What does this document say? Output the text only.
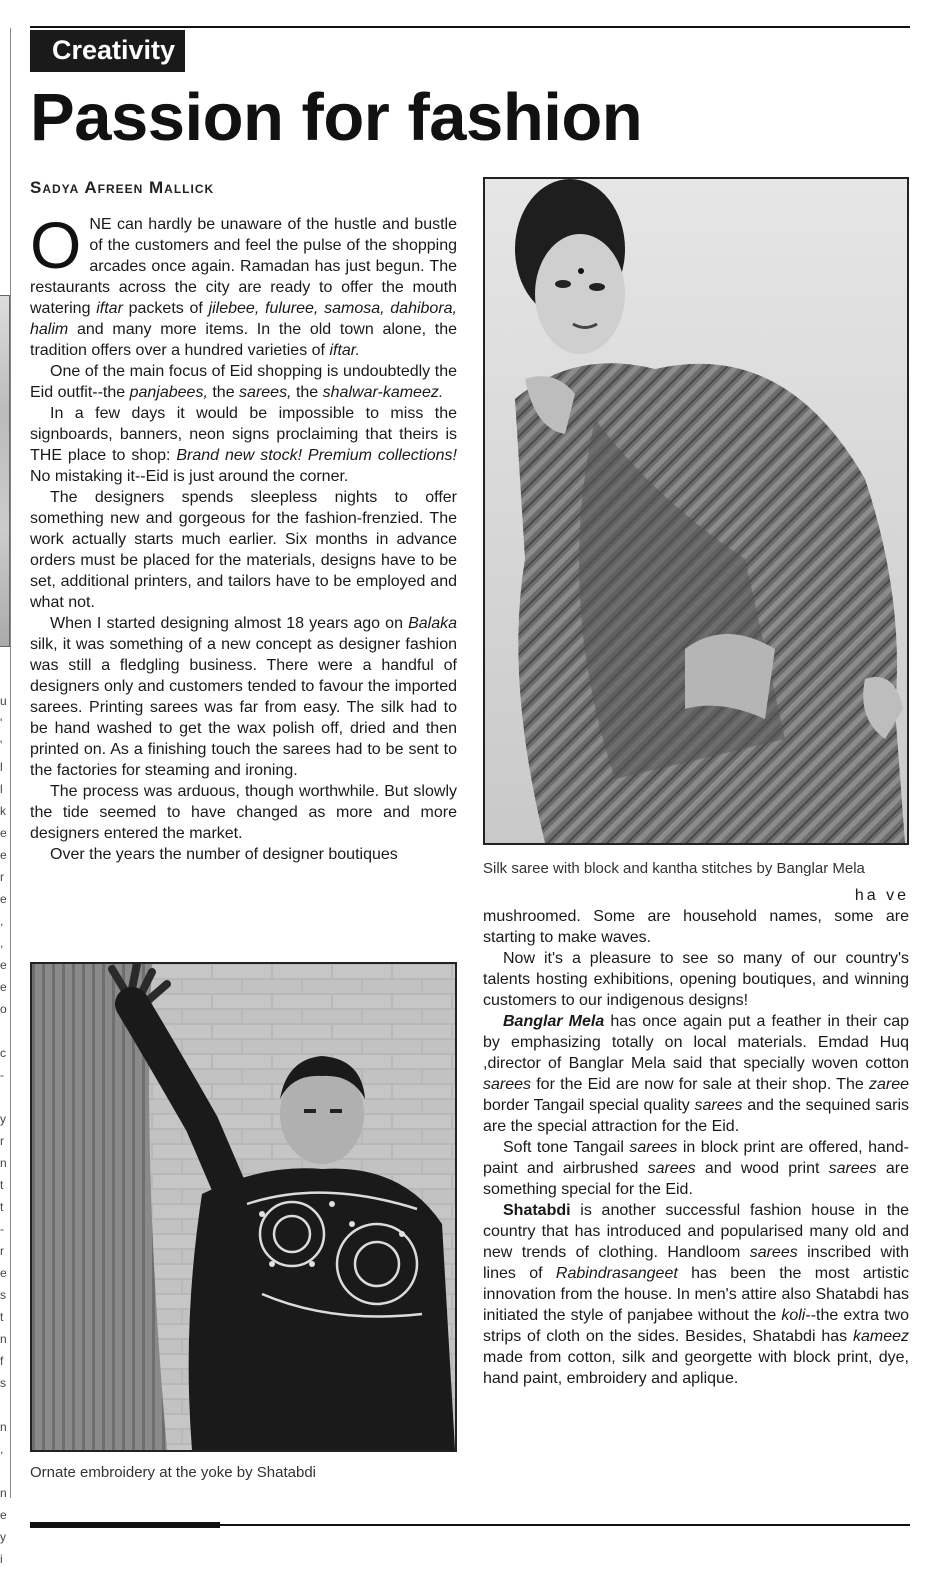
u
'
'
l
l
k
e
e
r
e
,
,
e
e
o

c
-

y
r
n
t
t
-
r
e
s
t
n
f
s

n
,

n
e
y
i
Creativity
Passion for fashion
Sadya Afreen Mallick

ONE can hardly be unaware of the hustle and bustle of the customers and feel the pulse of the shopping arcades once again. Ramadan has just begun. The restaurants across the city are ready to offer the mouth watering iftar packets of jilebee, fuluree, samosa, dahibora, halim and many more items. In the old town alone, the tradition offers over a hundred varieties of iftar.

One of the main focus of Eid shopping is undoubtedly the Eid outfit--the panjabees, the sarees, the shalwar-kameez.

In a few days it would be impossible to miss the signboards, banners, neon signs proclaiming that theirs is THE place to shop: Brand new stock! Premium collections! No mistaking it--Eid is just around the corner.

The designers spends sleepless nights to offer something new and gorgeous for the fashion-frenzied. The work actually starts much earlier. Six months in advance orders must be placed for the materials, designs have to be set, additional printers, and tailors have to be employed and what not.

When I started designing almost 18 years ago on Balaka silk, it was something of a new concept as designer fashion was still a fledgling business. There were a handful of designers only and customers tended to favour the imported sarees. Printing sarees was far from easy. The silk had to be hand washed to get the wax polish off, dried and then printed on. As a finishing touch the sarees had to be sent to the factories for steaming and ironing.

The process was arduous, though worthwhile. But slowly the tide seemed to have changed as more and more designers entered the market.

Over the years the number of designer boutiques

Silk saree with block and kantha stitches by Banglar Mela

ha ve

mushroomed. Some are household names, some are starting to make waves.

Now it's a pleasure to see so many of our country's talents hosting exhibitions, opening boutiques, and winning customers to our indigenous designs!

Banglar Mela has once again put a feather in their cap by emphasizing totally on local materials. Emdad Huq ,director of Banglar Mela said that specially woven cotton sarees for the Eid are now for sale at their shop. The zaree border Tangail special quality sarees and the sequined saris are the special attraction for the Eid.

Soft tone Tangail sarees in block print are offered, hand-paint and airbrushed sarees and wood print sarees are something special for the Eid.

Shatabdi is another successful fashion house in the country that has introduced and popularised many old and new trends of clothing. Handloom sarees inscribed with lines of Rabindrasangeet has been the most artistic innovation from the house. In men's attire also Shatabdi has initiated the style of panjabee without the koli--the extra two strips of cloth on the sides. Besides, Shatabdi has kameez made from cotton, silk and georgette with block print, dye, hand paint, embroidery and aplique.

Ornate embroidery at the yoke by Shatabdi
